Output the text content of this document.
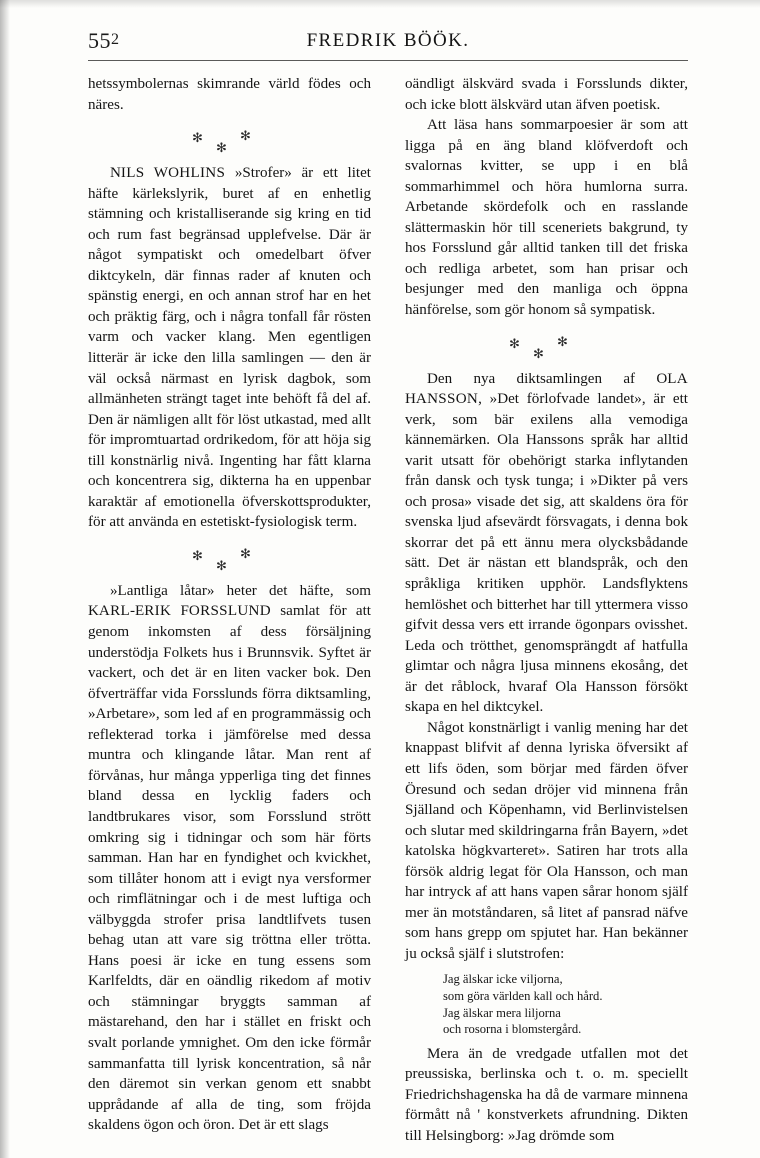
$55^2$	FREDRIK BÖÖK.

hetssymbolernas skimrande värld födes och näres.

✻
✻
✻

NILS WOHLINS »Strofer» är ett litet häfte kärlekslyrik, buret af en enhetlig stämning och kristalliserande sig kring en tid och rum fast begränsad upplefvelse. Där är något sympatiskt och omedelbart öfver diktcykeln, där finnas rader af knuten och spänstig energi, en och annan strof har en het och präktig färg, och i några tonfall får rösten varm och vacker klang. Men egentligen litterär är icke den lilla samlingen — den är väl också närmast en lyrisk dagbok, som allmänheten strängt taget inte behöft få del af. Den är nämligen allt för löst utkastad, med allt för impromtuartad ordrikedom, för att höja sig till konstnärlig nivå. Ingenting har fått klarna och koncentrera sig, dikterna ha en uppenbar karaktär af emotionella öfverskottsprodukter, för att använda en estetiskt-fysiologisk term.

✻
✻
✻

»Lantliga låtar» heter det häfte, som KARL-ERIK FORSSLUND samlat för att genom inkomsten af dess försäljning understödja Folkets hus i Brunnsvik. Syftet är vackert, och det är en liten vacker bok. Den öfverträffar vida Forsslunds förra diktsamling, »Arbetare», som led af en programmässig och reflekterad torka i jämförelse med dessa muntra och klingande låtar. Man rent af förvånas, hur många ypperliga ting det finnes bland dessa en lycklig faders och landtbrukares visor, som Forsslund strött omkring sig i tidningar och som här förts samman. Han har en fyndighet och kvickhet, som tillåter honom att i evigt nya versformer och rimflätningar och i de mest luftiga och välbyggda strofer prisa landtlifvets tusen behag utan att vare sig tröttna eller trötta. Hans poesi är icke en tung essens som Karlfeldts, där en oändlig rikedom af motiv och stämningar bryggts samman af mästarehand, den har i stället en friskt och svalt porlande ymnighet. Om den icke förmår sammanfatta till lyrisk koncentration, så når den däremot sin verkan genom ett snabbt upprådande af alla de ting, som fröjda skaldens ögon och öron. Det är ett slags

oändligt älskvärd svada i Forsslunds dikter, och icke blott älskvärd utan äfven poetisk.

Att läsa hans sommarpoesier är som att ligga på en äng bland klöfverdoft och svalornas kvitter, se upp i en blå sommarhimmel och höra humlorna surra. Arbetande skördefolk och en rasslande slättermaskin hör till sceneriets bakgrund, ty hos Forsslund går alltid tanken till det friska och redliga arbetet, som han prisar och besjunger med den manliga och öppna hänförelse, som gör honom så sympatisk.

✻
✻
✻

Den nya diktsamlingen af OLA HANSSON, »Det förlofvade landet», är ett verk, som bär exilens alla vemodiga kännemärken. Ola Hanssons språk har alltid varit utsatt för obehörigt starka inflytanden från dansk och tysk tunga; i »Dikter på vers och prosa» visade det sig, att skaldens öra för svenska ljud afsevärdt försvagats, i denna bok skorrar det på ett ännu mera olycksbådande sätt. Det är nästan ett blandspråk, och den språkliga kritiken upphör. Landsflyktens hemlöshet och bitterhet har till yttermera visso gifvit dessa vers ett irrande ögonpars ovisshet. Leda och trötthet, genomsprängdt af hatfulla glimtar och några ljusa minnens ekosång, det är det råblock, hvaraf Ola Hansson försökt skapa en hel diktcykel.

Något konstnärligt i vanlig mening har det knappast blifvit af denna lyriska öfversikt af ett lifs öden, som börjar med färden öfver Öresund och sedan dröjer vid minnena från Själland och Köpenhamn, vid Berlinvistelsen och slutar med skildringarna från Bayern, »det katolska högkvarteret». Satiren har trots alla försök aldrig legat för Ola Hansson, och man har intryck af att hans vapen sårar honom själf mer än motståndaren, så litet af pansrad näfve som hans grepp om spjutet har. Han bekänner ju också själf i slutstrofen:

Jag älskar icke viljorna,
som göra världen kall och hård.
Jag älskar mera liljorna
och rosorna i blomstergård.

Mera än de vredgade utfallen mot det preussiska, berlinska och t. o. m. speciellt Friedrichshagenska ha då de varmare minnena förmått nå ' konstverkets afrundning. Dikten till Helsingborg: »Jag drömde som
